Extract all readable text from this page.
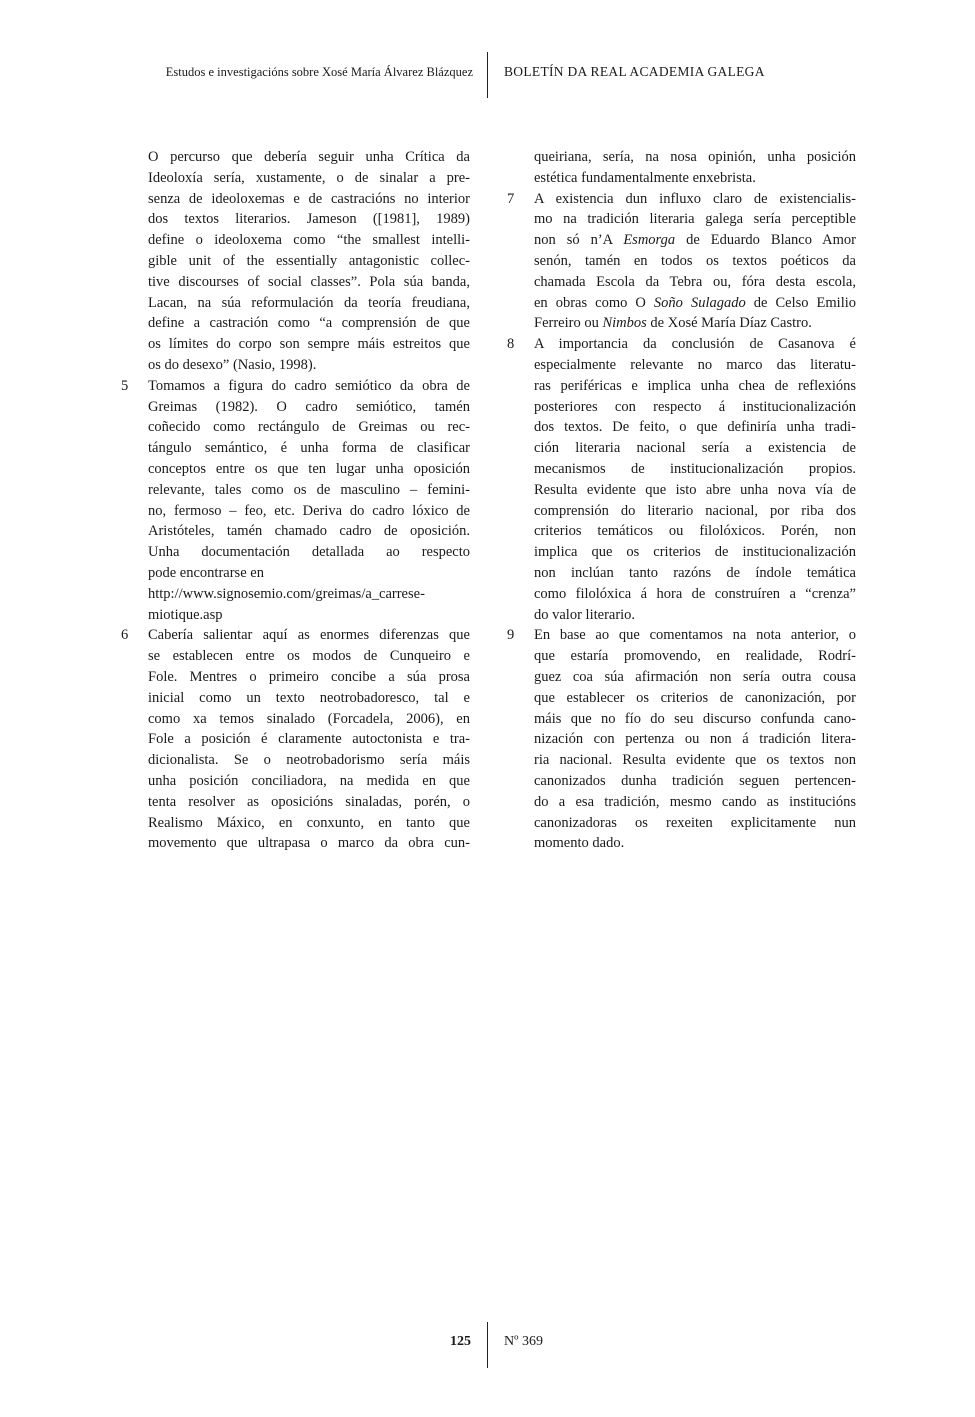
Estudos e investigacións sobre Xosé María Álvarez Blázquez BOLETÍN DA REAL ACADEMIA GALEGA
O percurso que debería seguir unha Crítica da
Ideoloxía sería, xustamente, o de sinalar a pre-
senza de ideoloxemas e de castracións no interior
dos textos literarios. Jameson ([1981], 1989)
define o ideoloxema como “the smallest intelli-
gible unit of the essentially antagonistic collec-
tive discourses of social classes”. Pola súa banda,
Lacan, na súa reformulación da teoría freudiana,
define a castración como “a comprensión de que
os límites do corpo son sempre máis estreitos que
os do desexo” (Nasio, 1998).
5 Tomamos a figura do cadro semiótico da obra de
Greimas (1982). O cadro semiótico, tamén
coñecido como rectángulo de Greimas ou rec-
tángulo semántico, é unha forma de clasificar
conceptos entre os que ten lugar unha oposición
relevante, tales como os de masculino – femini-
no, fermoso – feo, etc. Deriva do cadro lóxico de
Aristóteles, tamén chamado cadro de oposición.
Unha documentación detallada ao respecto
pode encontrarse en
http://www.signosemio.com/greimas/a_carrese-
miotique.asp
6 Cabería salientar aquí as enormes diferenzas que
se establecen entre os modos de Cunqueiro e
Fole. Mentres o primeiro concibe a súa prosa
inicial como un texto neotrobadoresco, tal e
como xa temos sinalado (Forcadela, 2006), en
Fole a posición é claramente autoctonista e tra-
dicionalista. Se o neotrobadorismo sería máis
unha posición conciliadora, na medida en que
tenta resolver as oposicións sinaladas, porén, o
Realismo Máxico, en conxunto, en tanto que
movemento que ultrapasa o marco da obra cun-
queiriana, sería, na nosa opinión, unha posición
estética fundamentalmente enxebrista.
7 A existencia dun influxo claro de existencialis-
mo na tradición literaria galega sería perceptible
non só n’A Esmorga de Eduardo Blanco Amor
senón, tamén en todos os textos poéticos da
chamada Escola da Tebra ou, fóra desta escola,
en obras como O Soño Sulagado de Celso Emilio
Ferreiro ou Nimbos de Xosé María Díaz Castro.
8 A importancia da conclusión de Casanova é
especialmente relevante no marco das literatu-
ras periféricas e implica unha chea de reflexións
posteriores con respecto á institucionalización
dos textos. De feito, o que definiría unha tradi-
ción literaria nacional sería a existencia de
mecanismos de institucionalización propios.
Resulta evidente que isto abre unha nova vía de
comprensión do literario nacional, por riba dos
criterios temáticos ou filolóxicos. Porén, non
implica que os criterios de institucionalización
non inclúan tanto razóns de índole temática
como filolóxica á hora de construíren a “crenza”
do valor literario.
9 En base ao que comentamos na nota anterior, o
que estaría promovendo, en realidade, Rodrí-
guez coa súa afirmación non sería outra cousa
que establecer os criterios de canonización, por
máis que no fío do seu discurso confunda cano-
nización con pertenza ou non á tradición litera-
ria nacional. Resulta evidente que os textos non
canonizados dunha tradición seguen pertencen-
do a esa tradición, mesmo cando as institucións
canonizadoras os rexeiten explicitamente nun
momento dado.
125 Nº 369
